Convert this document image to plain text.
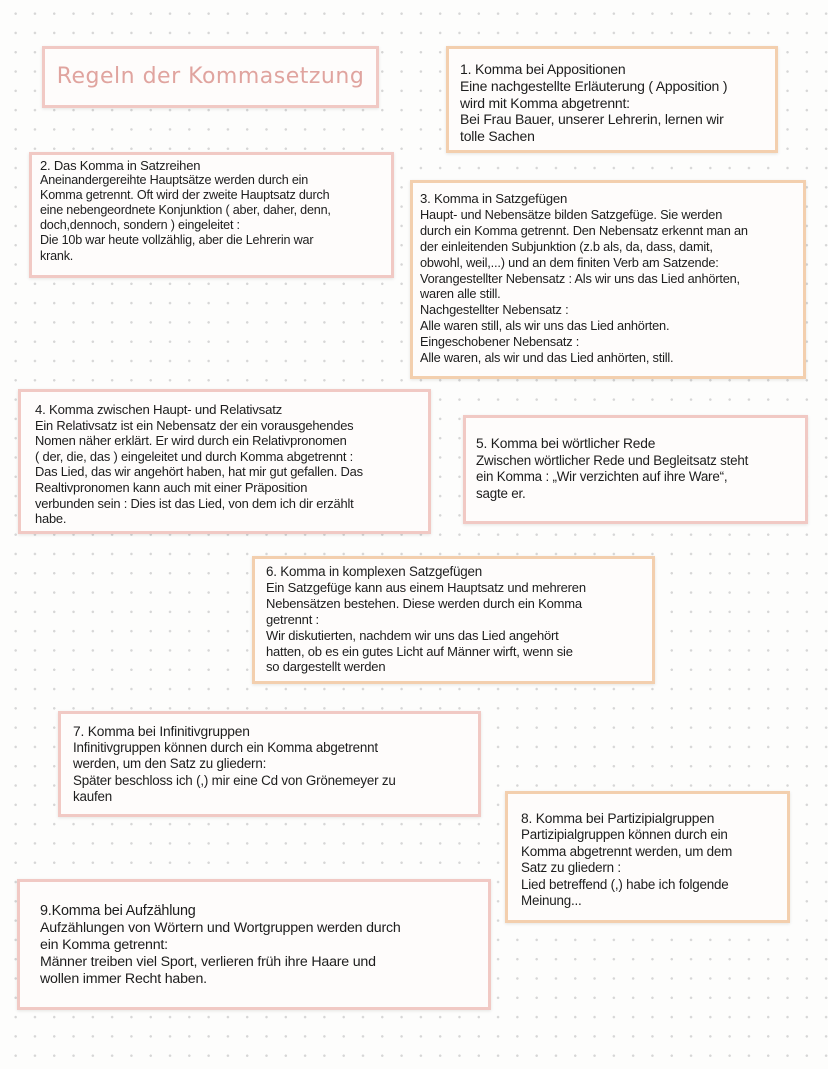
Regeln der Kommasetzung	1. Komma bei Appositionen
Eine nachgestellte Erläuterung ( Apposition )
wird mit Komma abgetrennt:
Bei Frau Bauer, unserer Lehrerin, lernen wir
tolle Sachen
2. Das Komma in Satzreihen
Aneinandergereihte Hauptsätze werden durch ein
Komma getrennt. Oft wird der zweite Hauptsatz durch
eine nebengeordnete Konjunktion ( aber, daher, denn,
doch,dennoch, sondern ) eingeleitet :
Die 10b war heute vollzählig, aber die Lehrerin war
krank.
3. Komma in Satzgefügen
Haupt- und Nebensätze bilden Satzgefüge. Sie werden
durch ein Komma getrennt. Den Nebensatz erkennt man an
der einleitenden Subjunktion (z.b als, da, dass, damit,
obwohl, weil,...) und an dem finiten Verb am Satzende:
Vorangestellter Nebensatz : Als wir uns das Lied anhörten,
waren alle still.
Nachgestellter Nebensatz :
Alle waren still, als wir uns das Lied anhörten.
Eingeschobener Nebensatz :
Alle waren, als wir und das Lied anhörten, still.
4. Komma zwischen Haupt- und Relativsatz
Ein Relativsatz ist ein Nebensatz der ein vorausgehendes
Nomen näher erklärt. Er wird durch ein Relativpronomen
( der, die, das ) eingeleitet und durch Komma abgetrennt :
Das Lied, das wir angehört haben, hat mir gut gefallen. Das
Realtivpronomen kann auch mit einer Präposition
verbunden sein : Dies ist das Lied, von dem ich dir erzählt
habe.
5. Komma bei wörtlicher Rede
Zwischen wörtlicher Rede und Begleitsatz steht
ein Komma : „Wir verzichten auf ihre Ware“,
sagte er.
6. Komma in komplexen Satzgefügen
Ein Satzgefüge kann aus einem Hauptsatz und mehreren
Nebensätzen bestehen. Diese werden durch ein Komma
getrennt :
Wir diskutierten, nachdem wir uns das Lied angehört
hatten, ob es ein gutes Licht auf Männer wirft, wenn sie
so dargestellt werden
7. Komma bei Infinitivgruppen
Infinitivgruppen können durch ein Komma abgetrennt
werden, um den Satz zu gliedern:
Später beschloss ich (,) mir eine Cd von Grönemeyer zu
kaufen
8. Komma bei Partizipialgruppen
Partizipialgruppen können durch ein
Komma abgetrennt werden, um dem
Satz zu gliedern :
Lied betreffend (,) habe ich folgende
Meinung...
9.Komma bei Aufzählung
Aufzählungen von Wörtern und Wortgruppen werden durch
ein Komma getrennt:
Männer treiben viel Sport, verlieren früh ihre Haare und
wollen immer Recht haben.
